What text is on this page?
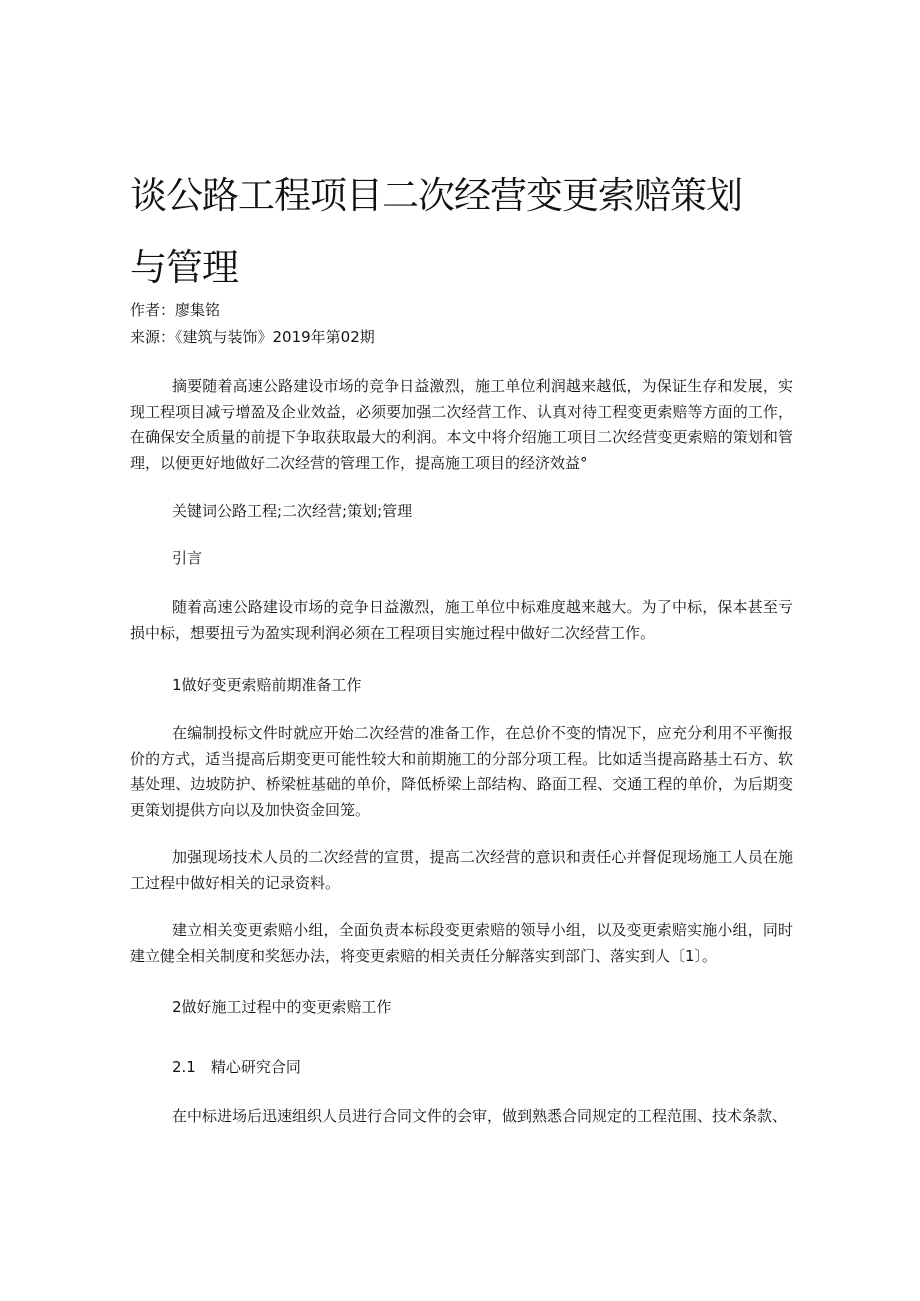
谈公路工程项目二次经营变更索赔策划与管理

作者：廖集铭

来源：《建筑与装饰》2019年第02期

摘要随着高速公路建设市场的竞争日益激烈，施工单位利润越来越低，为保证生存和发展，实现工程项目减亏增盈及企业效益，必须要加强二次经营工作、认真对待工程变更索赔等方面的工作，在确保安全质量的前提下争取获取最大的利润。本文中将介绍施工项目二次经营变更索赔的策划和管理，以便更好地做好二次经营的管理工作，提高施工项目的经济效益°

关键词公路工程;二次经营;策划;管理

引言

随着高速公路建设市场的竞争日益激烈，施工单位中标难度越来越大。为了中标，保本甚至亏损中标，想要扭亏为盈实现利润必须在工程项目实施过程中做好二次经营工作。

1做好变更索赔前期准备工作

在编制投标文件时就应开始二次经营的准备工作，在总价不变的情况下，应充分利用不平衡报价的方式，适当提高后期变更可能性较大和前期施工的分部分项工程。比如适当提高路基土石方、软基处理、边坡防护、桥梁桩基础的单价，降低桥梁上部结构、路面工程、交通工程的单价，为后期变更策划提供方向以及加快资金回笼。

加强现场技术人员的二次经营的宣贯，提高二次经营的意识和责任心并督促现场施工人员在施工过程中做好相关的记录资料。

建立相关变更索赔小组，全面负责本标段变更索赔的领导小组，以及变更索赔实施小组，同时建立健全相关制度和奖惩办法，将变更索赔的相关责任分解落实到部门、落实到人〔1〕。

2做好施工过程中的变更索赔工作

2.1　精心研究合同

在中标进场后迅速组织人员进行合同文件的会审，做到熟悉合同规定的工程范围、技术条款、
